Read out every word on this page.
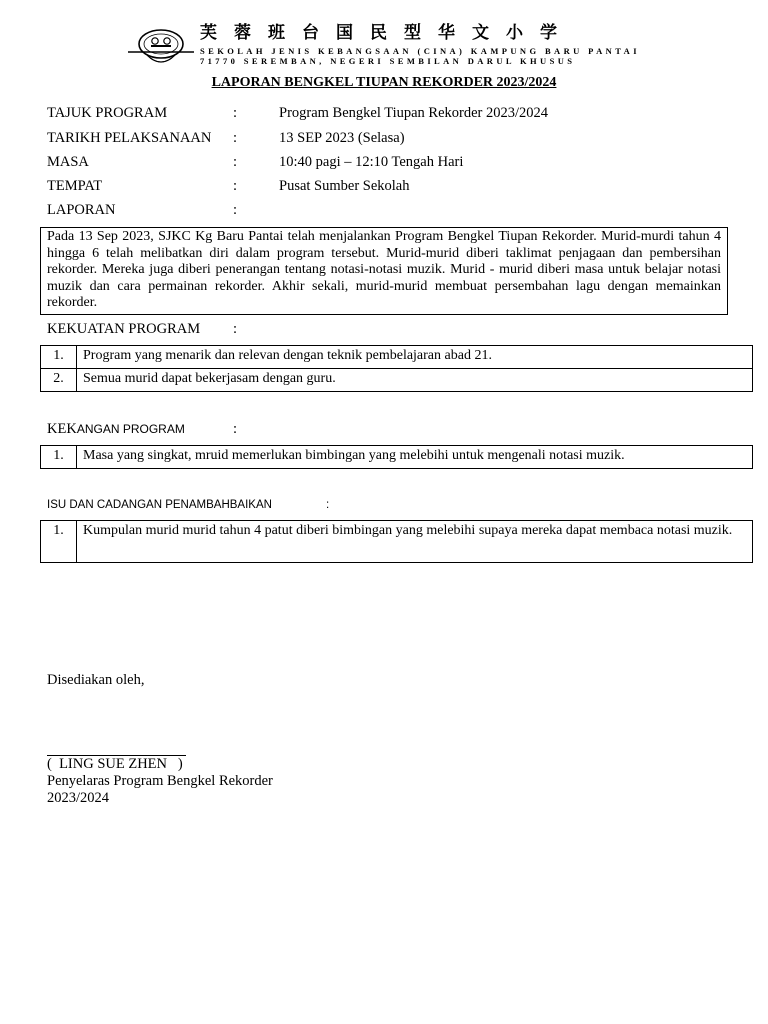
芙蓉班台国民型华文小学
SEKOLAH JENIS KEBANGSAAN (CINA) KAMPUNG BARU PANTAI
71770 SEREMBAN, NEGERI SEMBILAN DARUL KHUSUS
LAPORAN BENGKEL TIUPAN REKORDER 2023/2024
TAJUK PROGRAM	:	Program Bengkel Tiupan Rekorder 2023/2024
TARIKH PELAKSANAAN :	13 SEP 2023 (Selasa)
MASA	:	10:40 pagi – 12:10 Tengah Hari
TEMPAT	:	Pusat Sumber Sekolah
LAPORAN	:
Pada 13 Sep 2023, SJKC Kg Baru Pantai telah menjalankan Program Bengkel Tiupan Rekorder. Murid-murdi tahun 4 hingga 6 telah melibatkan diri dalam program tersebut. Murid-murid diberi taklimat penjagaan dan pembersihan rekorder. Mereka juga diberi penerangan tentang notasi-notasi muzik. Murid - murid diberi masa untuk belajar notasi muzik dan cara permainan rekorder. Akhir sekali, murid-murid membuat persembahan lagu dengan memainkan rekorder.
KEKUATAN PROGRAM :
1.	Program yang menarik dan relevan dengan teknik pembelajaran abad 21.
2.	Semua murid dapat bekerjasam dengan guru.
KEKANGAN PROGRAM	:
1.	Masa yang singkat, mruid memerlukan bimbingan yang melebihi untuk mengenali notasi muzik.
ISU DAN CADANGAN PENAMBAHBAIKAN	:
1.	Kumpulan murid murid tahun 4 patut diberi bimbingan yang melebihi supaya mereka dapat membaca notasi muzik.
Disediakan oleh,
(  LING SUE ZHEN   )
Penyelaras Program Bengkel Rekorder
2023/2024
